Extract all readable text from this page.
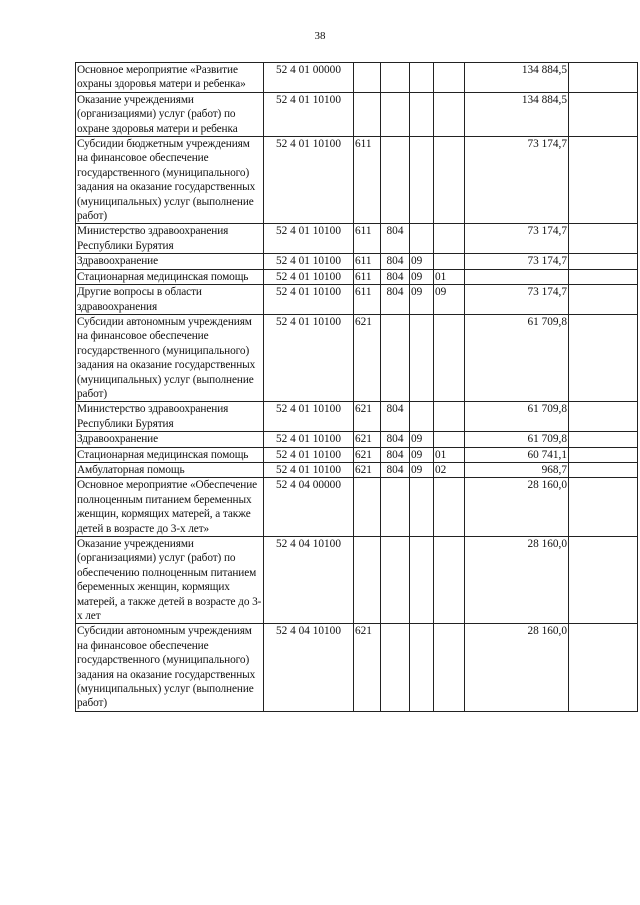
38
Основное мероприятие «Развитие охраны здоровья матери и ребенка»	52 4 01 00000					134 884,5	
Оказание учреждениями (организациями) услуг (работ) по охране здоровья матери и ребенка	52 4 01 10100					134 884,5	
Субсидии бюджетным учреждениям на финансовое обеспечение государственного (муниципального) задания на оказание государственных (муниципальных) услуг (выполнение работ)	52 4 01 10100	611				73 174,7	
Министерство здравоохранения Республики Бурятия	52 4 01 10100	611	804			73 174,7	
Здравоохранение	52 4 01 10100	611	804	09		73 174,7	
Стационарная медицинская помощь	52 4 01 10100	611	804	09	01		
Другие вопросы в области здравоохранения	52 4 01 10100	611	804	09	09	73 174,7	
Субсидии автономным учреждениям на финансовое обеспечение государственного (муниципального) задания на оказание государственных (муниципальных) услуг (выполнение работ)	52 4 01 10100	621				61 709,8	
Министерство здравоохранения Республики Бурятия	52 4 01 10100	621	804			61 709,8	
Здравоохранение	52 4 01 10100	621	804	09		61 709,8	
Стационарная медицинская помощь	52 4 01 10100	621	804	09	01	60 741,1	
Амбулаторная помощь	52 4 01 10100	621	804	09	02	968,7	
Основное мероприятие «Обеспечение полноценным питанием беременных женщин, кормящих матерей, а также детей в возрасте до 3-х лет»	52 4 04 00000					28 160,0	
Оказание учреждениями (организациями) услуг (работ) по обеспечению полноценным питанием беременных женщин, кормящих матерей, а также детей в возрасте до 3-х лет	52 4 04 10100					28 160,0	
Субсидии автономным учреждениям на финансовое обеспечение государственного (муниципального) задания на оказание государственных (муниципальных) услуг (выполнение работ)	52 4 04 10100	621				28 160,0	
